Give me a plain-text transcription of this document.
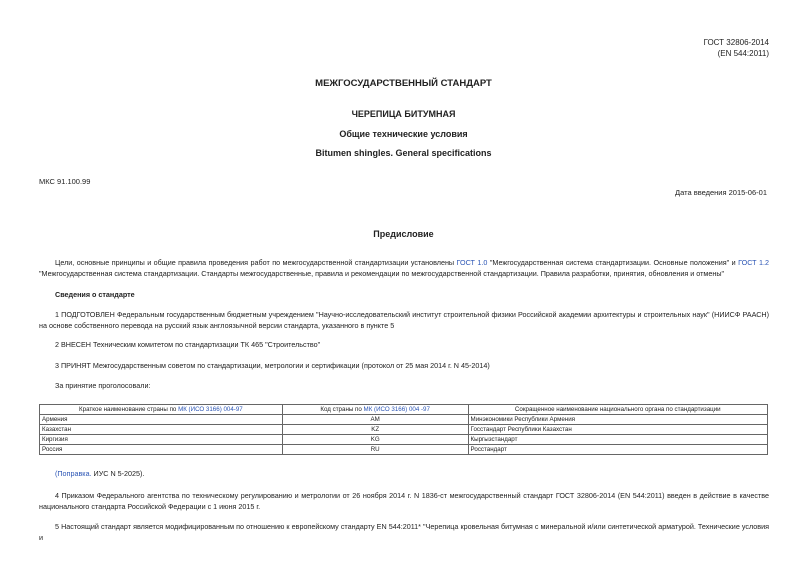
ГОСТ 32806-2014
(EN 544:2011)
МЕЖГОСУДАРСТВЕННЫЙ СТАНДАРТ
ЧЕРЕПИЦА БИТУМНАЯ
Общие технические условия
Bitumen shingles. General specifications
МКС 91.100.99
Дата введения 2015-06-01
Предисловие
Цели, основные принципы и общие правила проведения работ по межгосударственной стандартизации установлены ГОСТ 1.0 "Межгосударственная система стандартизации. Основные положения" и ГОСТ 1.2 "Межгосударственная система стандартизации. Стандарты межгосударственные, правила и рекомендации по межгосударственной стандартизации. Правила разработки, принятия, обновления и отмены"
Сведения о стандарте
1 ПОДГОТОВЛЕН Федеральным государственным бюджетным учреждением "Научно-исследовательский институт строительной физики Российской академии архитектуры и строительных наук" (НИИСФ РААСН) на основе собственного перевода на русский язык англоязычной версии стандарта, указанного в пункте 5
2 ВНЕСЕН Техническим комитетом по стандартизации ТК 465 "Строительство"
3 ПРИНЯТ Межгосударственным советом по стандартизации, метрологии и сертификации (протокол от 25 мая 2014 г. N 45-2014)
За принятие проголосовали:
Краткое наименование страны по МК (ИСО 3166) 004-97	Код страны по МК (ИСО 3166) 004 -97	Сокращенное наименование национального органа по стандартизации
Армения	AM	Минэкономики Республики Армения
Казахстан	KZ	Госстандарт Республики Казахстан
Киргизия	KG	Кыргызстандарт
Россия	RU	Росстандарт
(Поправка. ИУС N 5-2025).
4 Приказом Федерального агентства по техническому регулированию и метрологии от 26 ноября 2014 г. N 1836-ст межгосударственный стандарт ГОСТ 32806-2014 (EN 544:2011) введен в действие в качестве национального стандарта Российской Федерации с 1 июня 2015 г.
5 Настоящий стандарт является модифицированным по отношению к европейскому стандарту EN 544:2011* "Черепица кровельная битумная с минеральной и/или синтетической арматурой. Технические условия и
